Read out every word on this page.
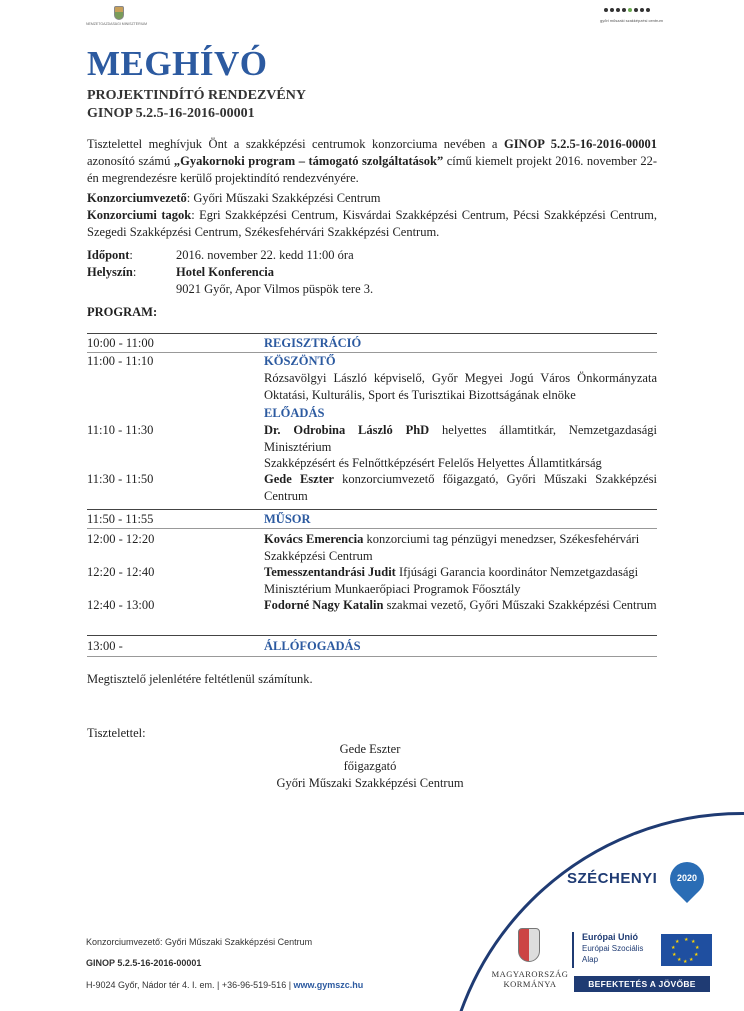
NEMZETGAZDASÁGI MINISZTÉRIUM
győri műszaki szakképzési centrum
MEGHÍVÓ
PROJEKTINDÍTÓ RENDEZVÉNY
GINOP 5.2.5-16-2016-00001
Tisztelettel meghívjuk Önt a szakképzési centrumok konzorciuma nevében a GINOP 5.2.5-16-2016-00001 azonosító számú „Gyakornoki program – támogató szolgáltatások” című kiemelt projekt 2016. november 22-én megrendezésre kerülő projektindító rendezvényére.
Konzorciumvezető: Győri Műszaki Szakképzési Centrum
Konzorciumi tagok: Egri Szakképzési Centrum, Kisvárdai Szakképzési Centrum, Pécsi Szakképzési Centrum, Szegedi Szakképzési Centrum, Székesfehérvári Szakképzési Centrum.
Időpont:	2016. november 22. kedd 11:00 óra
Helyszín:	Hotel Konferencia
9021 Győr, Apor Vilmos püspök tere 3.
PROGRAM:
10:00 - 11:00	REGISZTRÁCIÓ
11:00 - 11:10	KÖSZÖNTŐ
Rózsavölgyi László képviselő, Győr Megyei Jogú Város Önkormányzata Oktatási, Kulturális, Sport és Turisztikai Bizottságának elnöke
ELŐADÁS
11:10 - 11:30	Dr. Odrobina László PhD helyettes államtitkár, Nemzetgazdasági Minisztérium
Szakképzésért és Felnőttképzésért Felelős Helyettes Államtitkárság
11:30 - 11:50	Gede Eszter konzorciumvezető főigazgató, Győri Műszaki Szakképzési Centrum
11:50 - 11:55	MŰSOR
12:00 - 12:20	Kovács Emerencia konzorciumi tag pénzügyi menedzser, Székesfehérvári Szakképzési Centrum
12:20 - 12:40	Temesszentandrási Judit Ifjúsági Garancia koordinátor Nemzetgazdasági Minisztérium Munkaerőpiaci Programok Főosztály
12:40 - 13:00	Fodorné Nagy Katalin szakmai vezető, Győri Műszaki Szakképzési Centrum
13:00 -	ÁLLÓFOGADÁS
Megtisztelő jelenlétére feltétlenül számítunk.
Tisztelettel:
Gede Eszter
főigazgató
Győri Műszaki Szakképzési Centrum
SZÉCHENYI	2020
Konzorciumvezető: Győri Műszaki Szakképzési Centrum
GINOP 5.2.5-16-2016-00001
H-9024 Győr, Nádor tér 4. I. em. | +36-96-519-516 | www.gymszc.hu
MAGYARORSZÁG
KORMÁNYA
Európai Unió
Európai Szociális
Alap
★ ★
★
★
★
★
★
★
★
★
BEFEKTETÉS A JÖVŐBE
